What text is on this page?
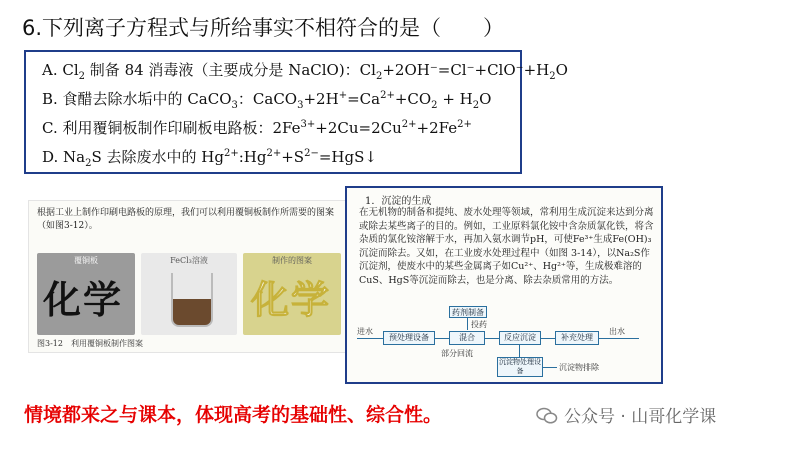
6.下列离子方程式与所给事实不相符合的是（　　）
A. $Cl_2$ 制备 84 消毒液（主要成分是 NaClO)：$Cl_2+2OH^-=Cl^-+ClO^-+H_2O$
B. 食醋去除水垢中的 CaCO$_3$：$CaCO_3+2H^+=Ca^{2+}+CO_2 + H_2O$
C. 利用覆铜板制作印刷板电路板：$2Fe^{3+}+2Cu=2Cu^{2+}+2Fe^{2+}$
D. $Na_2S$ 去除废水中的 $Hg^{2+}:Hg^{2+}+S^{2-}=HgS↓$
根据工业上制作印刷电路板的原理，我们可以利用覆铜板制作所需要的图案（如图3-12）。
覆铜板
化学
FeCl₃溶液	制作的图案
化学
图3-12　利用覆铜板制作图案
1．沉淀的生成
在无机物的制备和提纯、废水处理等领域，常利用生成沉淀来达到分离或除去某些离子的目的。例如，工业原料氯化铵中含杂质氯化铁，将含杂质的氯化铵溶解于水，再加入氨水调节pH，可使Fe³⁺生成Fe(OH)₃沉淀而除去。又如，在工业废水处理过程中（如图 3-14），以Na₂S作沉淀剂，使废水中的某些金属离子如Cu²⁺、Hg²⁺等，生成极难溶的CuS、HgS等沉淀而除去，也是分离、除去杂质常用的方法。
药剂制备
投药
进水
预处理设备	混合	反应沉淀	补充处理
出水
部分回流
沉淀物处理设备	沉淀物排除
情境都来之与课本，体现高考的基础性、综合性。	公众号 · 山哥化学课
